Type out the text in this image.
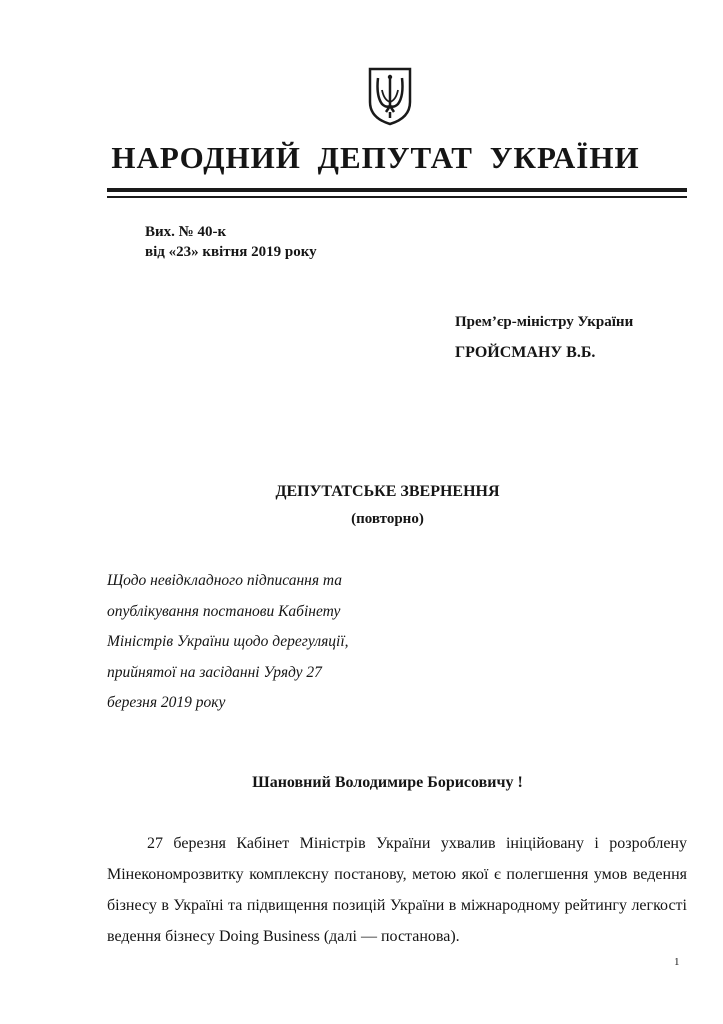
НАРОДНИЙ ДЕПУТАТ УКРАЇНИ
Вих. № 40-к
від «23» квітня 2019 року
Прем’єр-міністру України
ГРОЙСМАНУ В.Б.
ДЕПУТАТСЬКЕ ЗВЕРНЕННЯ
(повторно)
Щодо невідкладного підписання та
опублікування постанови Кабінету
Міністрів України щодо дерегуляції,
прийнятої на засіданні Уряду 27
березня 2019 року
Шановний Володимире Борисовичу !

27 березня Кабінет Міністрів України ухвалив ініційовану і розроблену Мінекономрозвитку комплексну постанову, метою якої є полегшення умов ведення бізнесу в Україні та підвищення позицій України в міжнародному рейтингу легкості ведення бізнесу Doing Business (далі — постанова).

1
